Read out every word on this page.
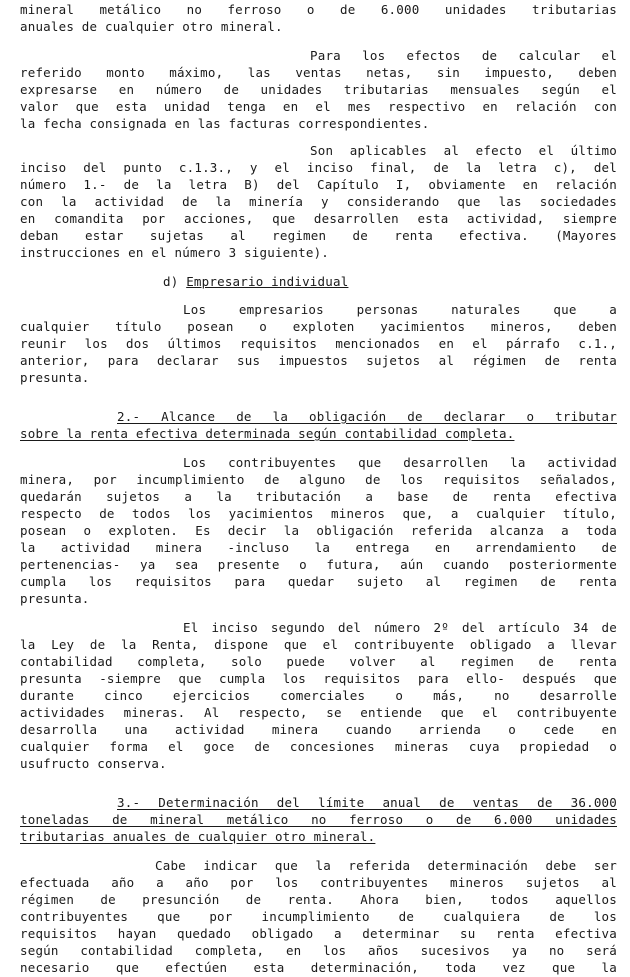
mineral metálico no ferroso o de 6.000 unidades tributarias
anuales de cualquier otro mineral.
Para los efectos de calcular el
referido monto máximo, las ventas netas, sin impuesto, deben
expresarse en número de unidades tributarias mensuales según el
valor que esta unidad tenga en el mes respectivo en relación con
la fecha consignada en las facturas correspondientes.
Son aplicables al efecto el último
inciso del punto c.1.3., y el inciso final, de la letra c), del
número 1.- de la letra B) del Capítulo I, obviamente en relación
con la actividad de la minería y considerando que las sociedades
en comandita por acciones, que desarrollen esta actividad, siempre
deban estar sujetas al regimen de renta efectiva. (Mayores
instrucciones en el número 3 siguiente).
d) Empresario individual
Los empresarios personas naturales que a
cualquier título posean o exploten yacimientos mineros, deben
reunir los dos últimos requisitos mencionados en el párrafo c.1.,
anterior, para declarar sus impuestos sujetos al régimen de renta
presunta.
2.- Alcance de la obligación de declarar o tributar
sobre la renta efectiva determinada según contabilidad completa.
Los contribuyentes que desarrollen la actividad
minera, por incumplimiento de alguno de los requisitos señalados,
quedarán sujetos a la tributación a base de renta efectiva
respecto de todos los yacimientos mineros que, a cualquier título,
posean o exploten. Es decir la obligación referida alcanza a toda
la actividad minera -incluso la entrega en arrendamiento de
pertenencias- ya sea presente o futura, aún cuando posteriormente
cumpla los requisitos para quedar sujeto al regimen de renta
presunta.
El inciso segundo del número 2º del artículo 34 de
la Ley de la Renta, dispone que el contribuyente obligado a llevar
contabilidad completa, solo puede volver al regimen de renta
presunta -siempre que cumpla los requisitos para ello- después que
durante cinco ejercicios comerciales o más, no desarrolle
actividades mineras. Al respecto, se entiende que el contribuyente
desarrolla una actividad minera cuando arrienda o cede en
cualquier forma el goce de concesiones mineras cuya propiedad o
usufructo conserva.
3.- Determinación del límite anual de ventas de 36.000
toneladas de mineral metálico no ferroso o de 6.000 unidades
tributarias anuales de cualquier otro mineral.
Cabe indicar que la referida determinación debe ser
efectuada año a año por los contribuyentes mineros sujetos al
régimen de presunción de renta. Ahora bien, todos aquellos
contribuyentes que por incumplimiento de cualquiera de los
requisitos hayan quedado obligado a determinar su renta efectiva
según contabilidad completa, en los años sucesivos ya no será
necesario que efectúen esta determinación, toda vez que la
